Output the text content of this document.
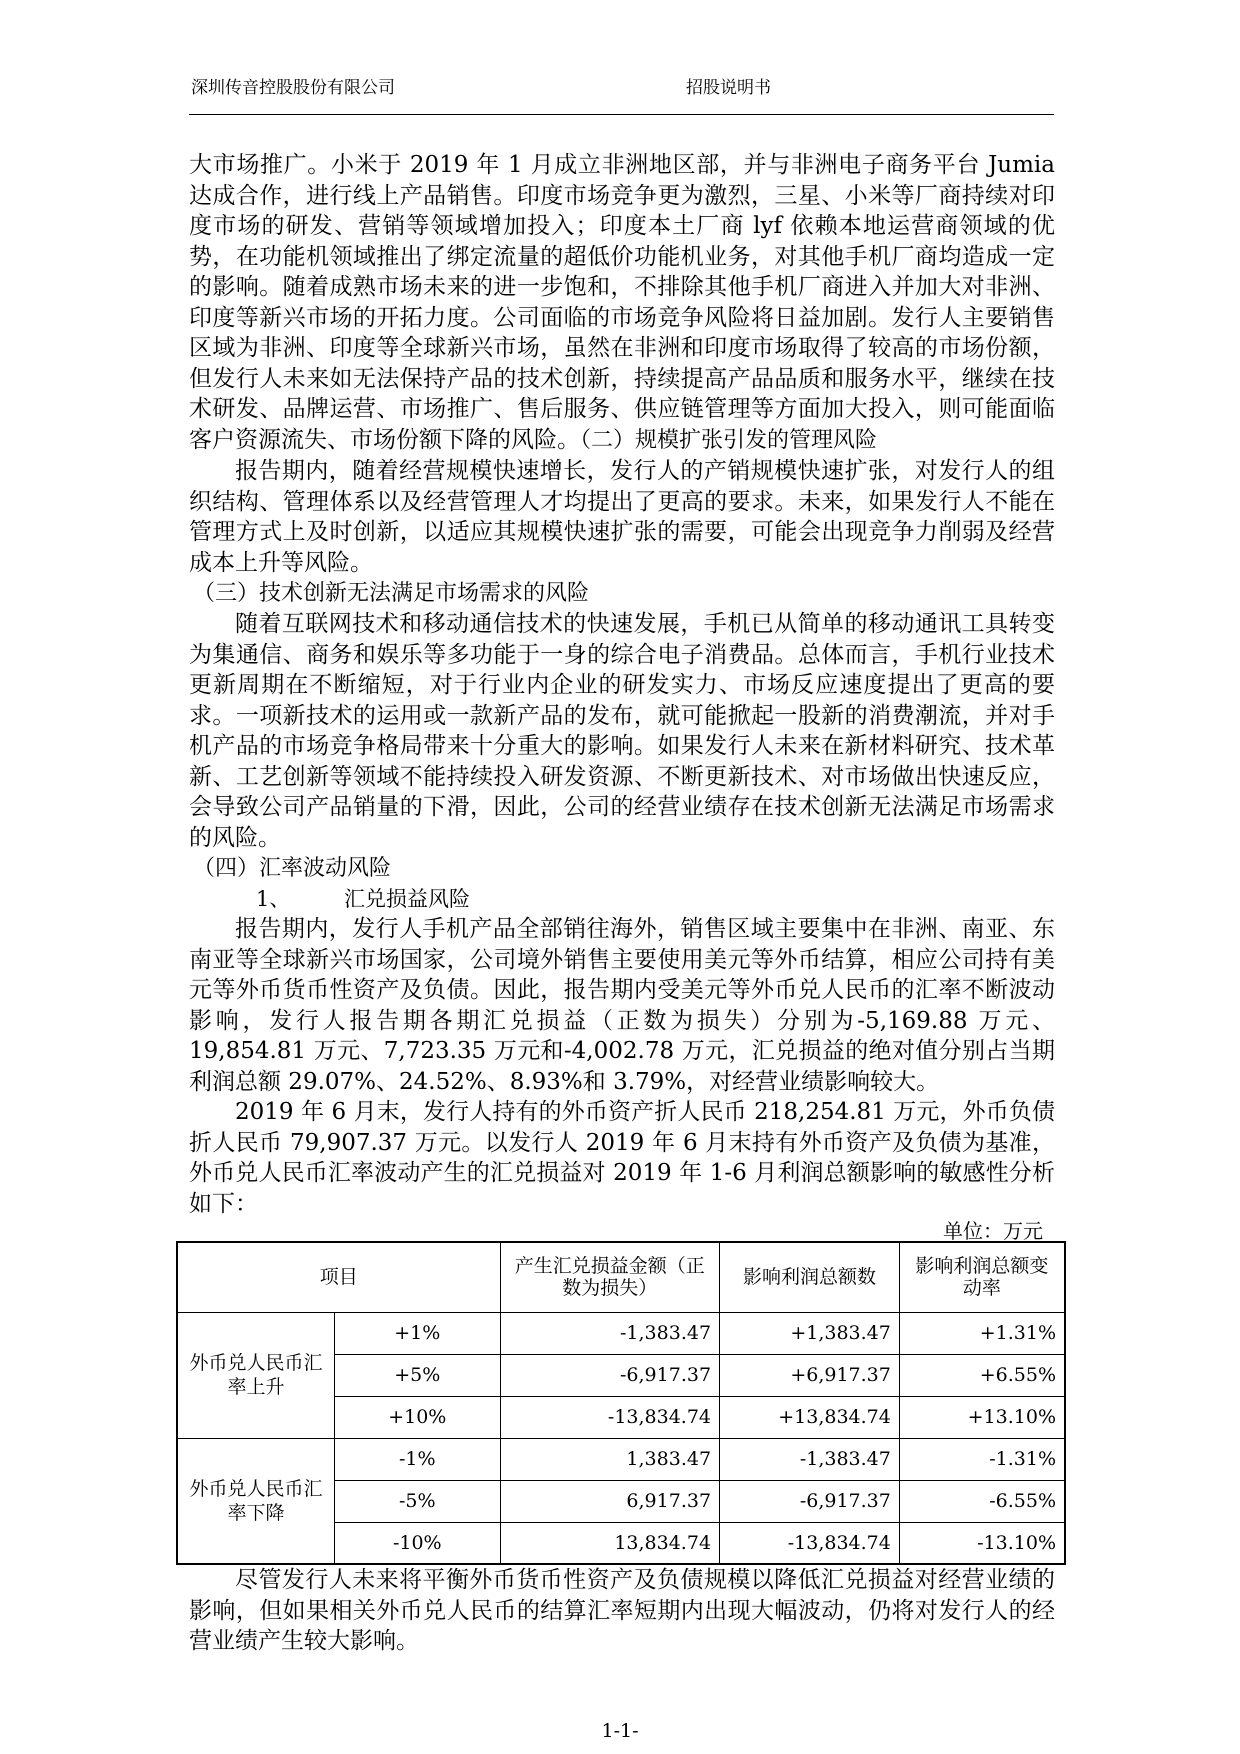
深圳传音控股股份有限公司	招股说明书

大市场推广。小米于 2019 年 1 月成立非洲地区部，并与非洲电子商务平台 Jumia 达成合作，进行线上产品销售。印度市场竞争更为激烈，三星、小米等厂商持续对印度市场的研发、营销等领域增加投入；印度本土厂商 lyf 依赖本地运营商领域的优势，在功能机领域推出了绑定流量的超低价功能机业务，对其他手机厂商均造成一定的影响。随着成熟市场未来的进一步饱和，不排除其他手机厂商进入并加大对非洲、印度等新兴市场的开拓力度。公司面临的市场竞争风险将日益加剧。发行人主要销售区域为非洲、印度等全球新兴市场，虽然在非洲和印度市场取得了较高的市场份额，但发行人未来如无法保持产品的技术创新，持续提高产品品质和服务水平，继续在技术研发、品牌运营、市场推广、售后服务、供应链管理等方面加大投入，则可能面临客户资源流失、市场份额下降的风险。（二）规模扩张引发的管理风险

报告期内，随着经营规模快速增长，发行人的产销规模快速扩张，对发行人的组织结构、管理体系以及经营管理人才均提出了更高的要求。未来，如果发行人不能在管理方式上及时创新，以适应其规模快速扩张的需要，可能会出现竞争力削弱及经营成本上升等风险。

（三）技术创新无法满足市场需求的风险

随着互联网技术和移动通信技术的快速发展，手机已从简单的移动通讯工具转变为集通信、商务和娱乐等多功能于一身的综合电子消费品。总体而言，手机行业技术更新周期在不断缩短，对于行业内企业的研发实力、市场反应速度提出了更高的要求。一项新技术的运用或一款新产品的发布，就可能掀起一股新的消费潮流，并对手机产品的市场竞争格局带来十分重大的影响。如果发行人未来在新材料研究、技术革新、工艺创新等领域不能持续投入研发资源、不断更新技术、对市场做出快速反应，会导致公司产品销量的下滑，因此，公司的经营业绩存在技术创新无法满足市场需求的风险。

（四）汇率波动风险

1、	汇兑损益风险

报告期内，发行人手机产品全部销往海外，销售区域主要集中在非洲、南亚、东南亚等全球新兴市场国家，公司境外销售主要使用美元等外币结算，相应公司持有美元等外币货币性资产及负债。因此，报告期内受美元等外币兑人民币的汇率不断波动影响，发行人报告期各期汇兑损益（正数为损失）分别为-5,169.88 万元、19,854.81 万元、7,723.35 万元和-4,002.78 万元，汇兑损益的绝对值分别占当期利润总额 29.07%、24.52%、8.93%和 3.79%，对经营业绩影响较大。

2019 年 6 月末，发行人持有的外币资产折人民币 218,254.81 万元，外币负债折人民币 79,907.37 万元。以发行人 2019 年 6 月末持有外币资产及负债为基准，外币兑人民币汇率波动产生的汇兑损益对 2019 年 1-6 月利润总额影响的敏感性分析如下：

单位：万元

项目		产生汇兑损益金额（正数为损失）	影响利润总额数	影响利润总额变动率
外币兑人民币汇率上升	+1%	-1,383.47	+1,383.47	+1.31%
	+5%	-6,917.37	+6,917.37	+6.55%
	+10%	-13,834.74	+13,834.74	+13.10%
外币兑人民币汇率下降	-1%	1,383.47	-1,383.47	-1.31%
	-5%	6,917.37	-6,917.37	-6.55%
	-10%	13,834.74	-13,834.74	-13.10%

尽管发行人未来将平衡外币货币性资产及负债规模以降低汇兑损益对经营业绩的影响，但如果相关外币兑人民币的结算汇率短期内出现大幅波动，仍将对发行人的经营业绩产生较大影响。

1-1-
